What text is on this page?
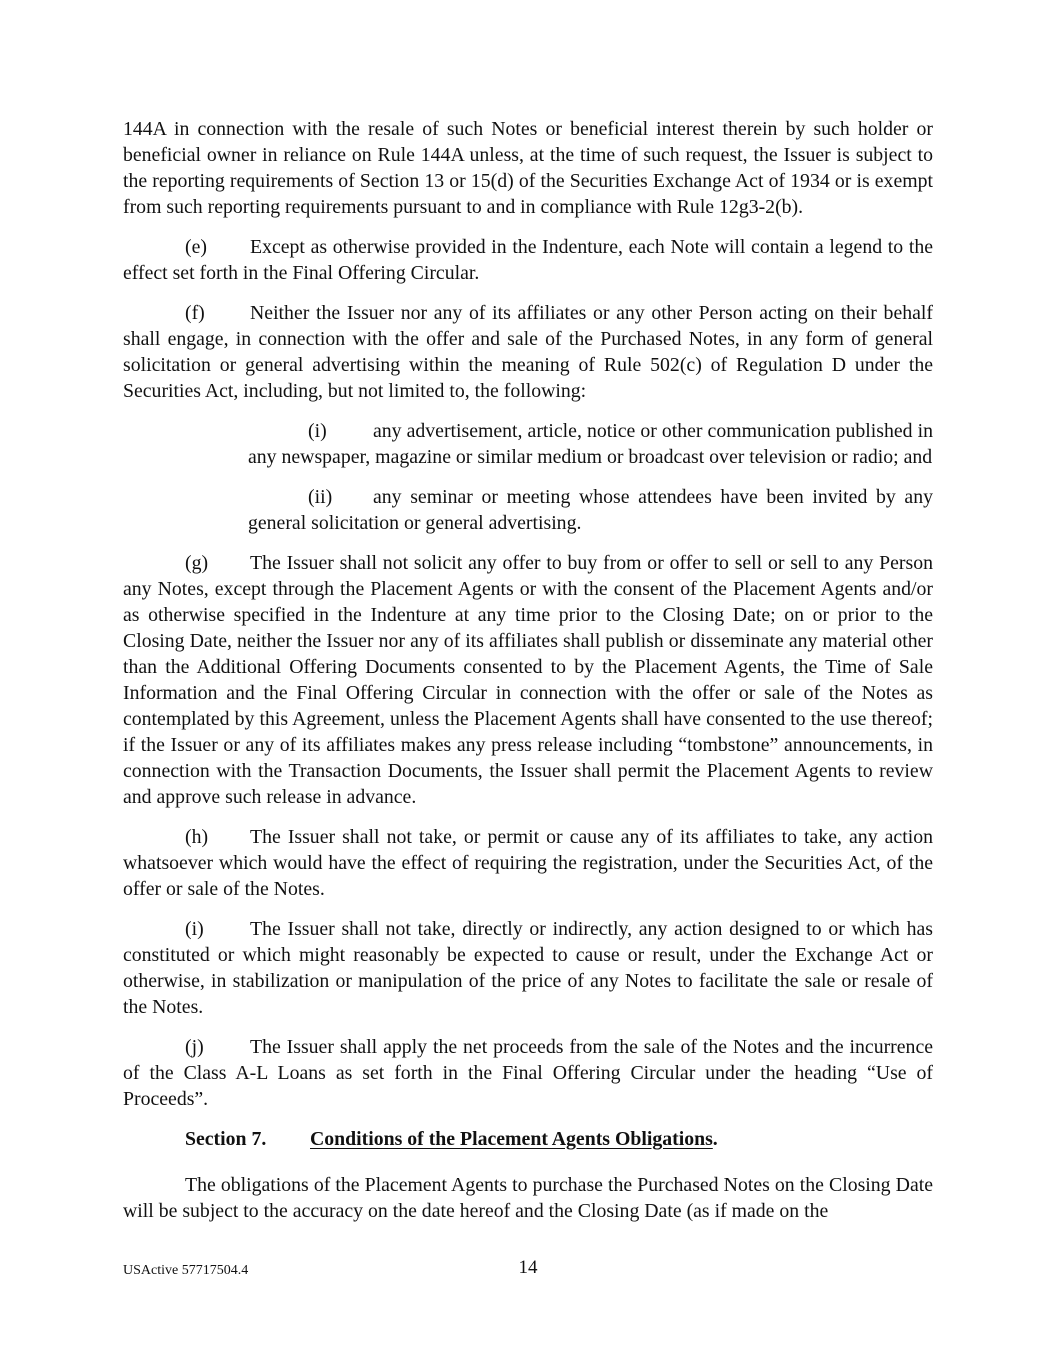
144A in connection with the resale of such Notes or beneficial interest therein by such holder or beneficial owner in reliance on Rule 144A unless, at the time of such request, the Issuer is subject to the reporting requirements of Section 13 or 15(d) of the Securities Exchange Act of 1934 or is exempt from such reporting requirements pursuant to and in compliance with Rule 12g3-2(b).

(e) Except as otherwise provided in the Indenture, each Note will contain a legend to the effect set forth in the Final Offering Circular.

(f) Neither the Issuer nor any of its affiliates or any other Person acting on their behalf shall engage, in connection with the offer and sale of the Purchased Notes, in any form of general solicitation or general advertising within the meaning of Rule 502(c) of Regulation D under the Securities Act, including, but not limited to, the following:

(i) any advertisement, article, notice or other communication published in any newspaper, magazine or similar medium or broadcast over television or radio; and

(ii) any seminar or meeting whose attendees have been invited by any general solicitation or general advertising.

(g) The Issuer shall not solicit any offer to buy from or offer to sell or sell to any Person any Notes, except through the Placement Agents or with the consent of the Placement Agents and/or as otherwise specified in the Indenture at any time prior to the Closing Date; on or prior to the Closing Date, neither the Issuer nor any of its affiliates shall publish or disseminate any material other than the Additional Offering Documents consented to by the Placement Agents, the Time of Sale Information and the Final Offering Circular in connection with the offer or sale of the Notes as contemplated by this Agreement, unless the Placement Agents shall have consented to the use thereof; if the Issuer or any of its affiliates makes any press release including “tombstone” announcements, in connection with the Transaction Documents, the Issuer shall permit the Placement Agents to review and approve such release in advance.

(h) The Issuer shall not take, or permit or cause any of its affiliates to take, any action whatsoever which would have the effect of requiring the registration, under the Securities Act, of the offer or sale of the Notes.

(i) The Issuer shall not take, directly or indirectly, any action designed to or which has constituted or which might reasonably be expected to cause or result, under the Exchange Act or otherwise, in stabilization or manipulation of the price of any Notes to facilitate the sale or resale of the Notes.

(j) The Issuer shall apply the net proceeds from the sale of the Notes and the incurrence of the Class A-L Loans as set forth in the Final Offering Circular under the heading “Use of Proceeds”.

Section 7. Conditions of the Placement Agents Obligations.

The obligations of the Placement Agents to purchase the Purchased Notes on the Closing Date will be subject to the accuracy on the date hereof and the Closing Date (as if made on the

USActive 57717504.4	14
